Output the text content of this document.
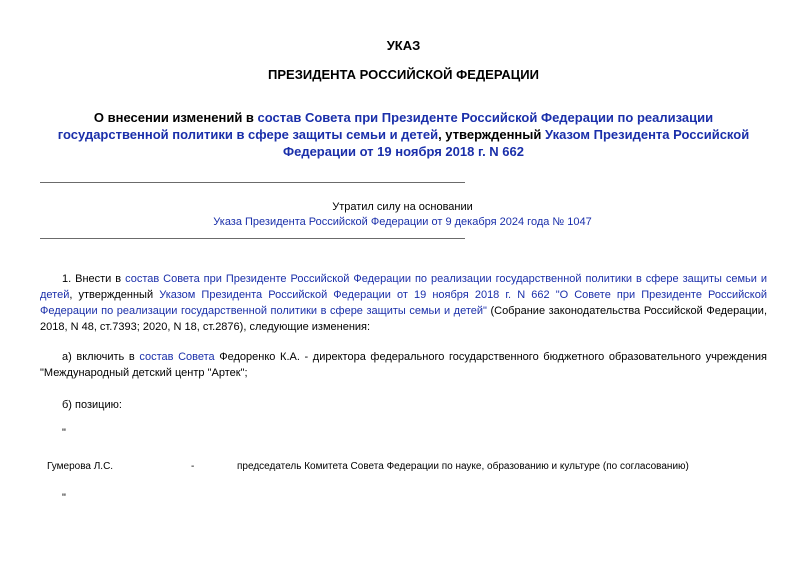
УКАЗ
ПРЕЗИДЕНТА РОССИЙСКОЙ ФЕДЕРАЦИИ
О внесении изменений в состав Совета при Президенте Российской Федерации по реализации государственной политики в сфере защиты семьи и детей, утвержденный Указом Президента Российской Федерации от 19 ноября 2018 г. N 662
Утратил силу на основании
Указа Президента Российской Федерации от 9 декабря 2024 года № 1047
1. Внести в состав Совета при Президенте Российской Федерации по реализации государственной политики в сфере защиты семьи и детей, утвержденный Указом Президента Российской Федерации от 19 ноября 2018 г. N 662 "О Совете при Президенте Российской Федерации по реализации государственной политики в сфере защиты семьи и детей" (Собрание законодательства Российской Федерации, 2018, N 48, ст.7393; 2020, N 18, ст.2876), следующие изменения:
а) включить в состав Совета Федоренко К.А. - директора федерального государственного бюджетного образовательного учреждения "Международный детский центр "Артек";
б) позицию:
"
Гумерова Л.С.	-	председатель Комитета Совета Федерации по науке, образованию и культуре (по согласованию)
"
